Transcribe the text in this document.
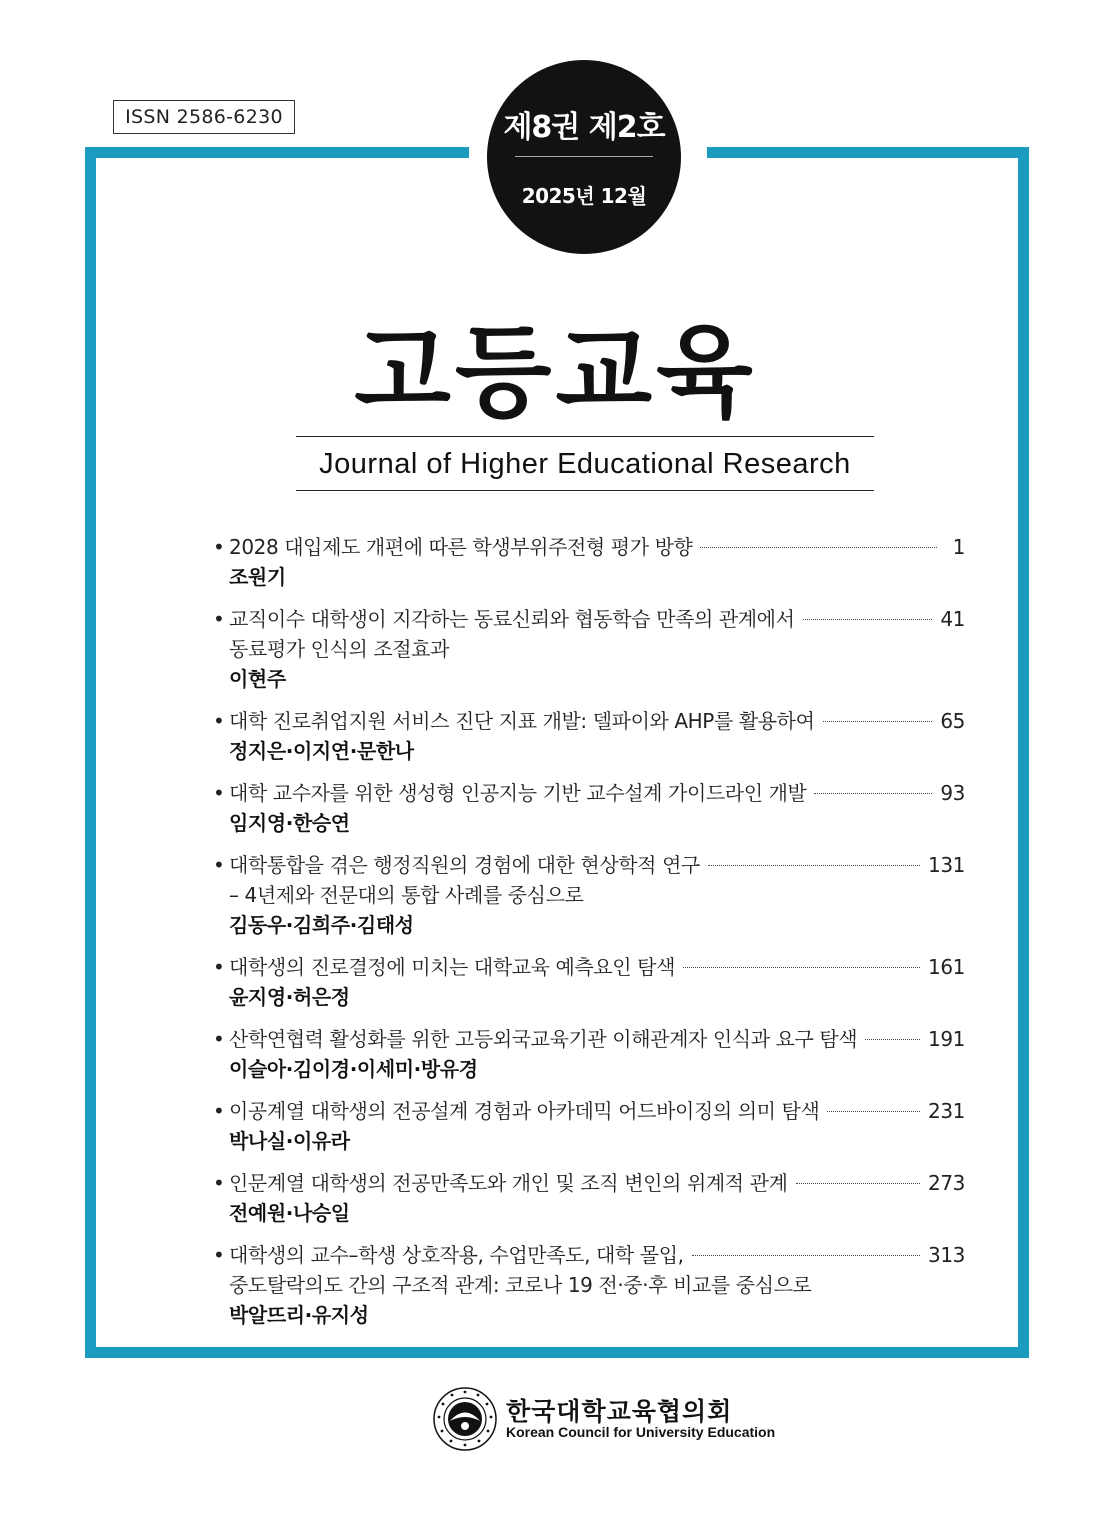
ISSN 2586-6230	제8권 제2호
2025년 12월
고등교육
Journal of Higher Educational Research
• 2028 대입제도 개편에 따른 학생부위주전형 평가 방향	1
조원기
• 교직이수 대학생이 지각하는 동료신뢰와 협동학습 만족의 관계에서	41
동료평가 인식의 조절효과
이현주
• 대학 진로취업지원 서비스 진단 지표 개발: 델파이와 AHP를 활용하여	65
정지은·이지연·문한나
• 대학 교수자를 위한 생성형 인공지능 기반 교수설계 가이드라인 개발	93
임지영·한승연
• 대학통합을 겪은 행정직원의 경험에 대한 현상학적 연구	131
– 4년제와 전문대의 통합 사례를 중심으로
김동우·김희주·김태성
• 대학생의 진로결정에 미치는 대학교육 예측요인 탐색	161
윤지영·허은정
• 산학연협력 활성화를 위한 고등외국교육기관 이해관계자 인식과 요구 탐색	191
이슬아·김이경·이세미·방유경
• 이공계열 대학생의 전공설계 경험과 아카데믹 어드바이징의 의미 탐색	231
박나실·이유라
• 인문계열 대학생의 전공만족도와 개인 및 조직 변인의 위계적 관계	273
전예원·나승일
• 대학생의 교수–학생 상호작용, 수업만족도, 대학 몰입,	313
중도탈락의도 간의 구조적 관계: 코로나 19 전·중·후 비교를 중심으로
박알뜨리·유지성
한국대학교육협의회
Korean Council for University Education
